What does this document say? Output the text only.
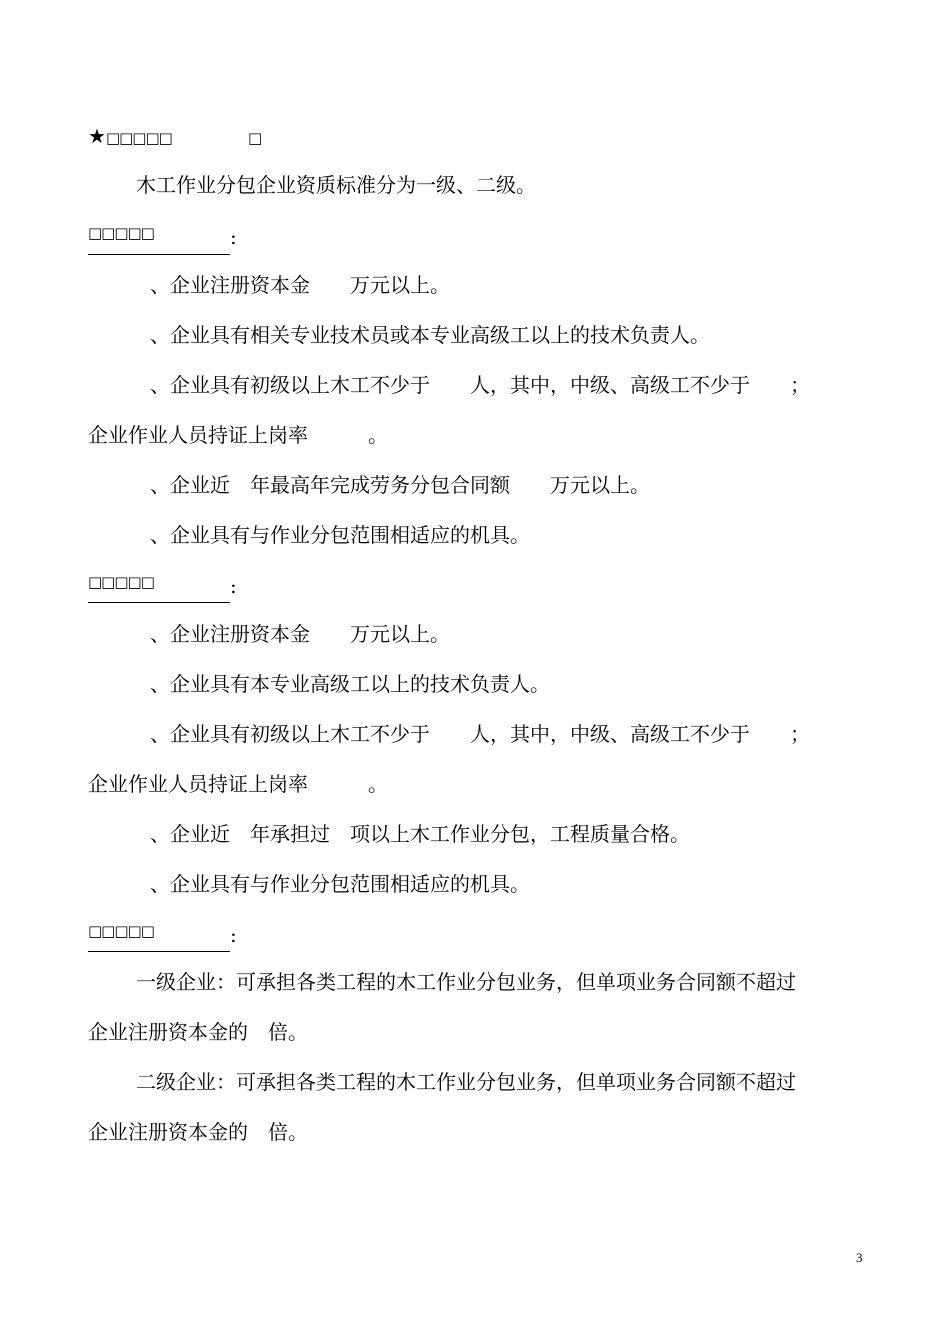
★□□□□□	□
木工作业分包企业资质标准分为一级、二级。
□□□□□	:
、企业注册资本金　　万元以上。
、企业具有相关专业技术员或本专业高级工以上的技术负责人。
、企业具有初级以上木工不少于　　人，其中，中级、高级工不少于　　；
企业作业人员持证上岗率　　　。
、企业近　年最高年完成劳务分包合同额　　万元以上。
、企业具有与作业分包范围相适应的机具。
□□□□□	:
、企业注册资本金　　万元以上。
、企业具有本专业高级工以上的技术负责人。
、企业具有初级以上木工不少于　　人，其中，中级、高级工不少于　　；
企业作业人员持证上岗率　　　。
、企业近　年承担过　项以上木工作业分包，工程质量合格。
、企业具有与作业分包范围相适应的机具。
□□□□□	:
一级企业：可承担各类工程的木工作业分包业务，但单项业务合同额不超过
企业注册资本金的　倍。
二级企业：可承担各类工程的木工作业分包业务，但单项业务合同额不超过
企业注册资本金的　倍。
3
